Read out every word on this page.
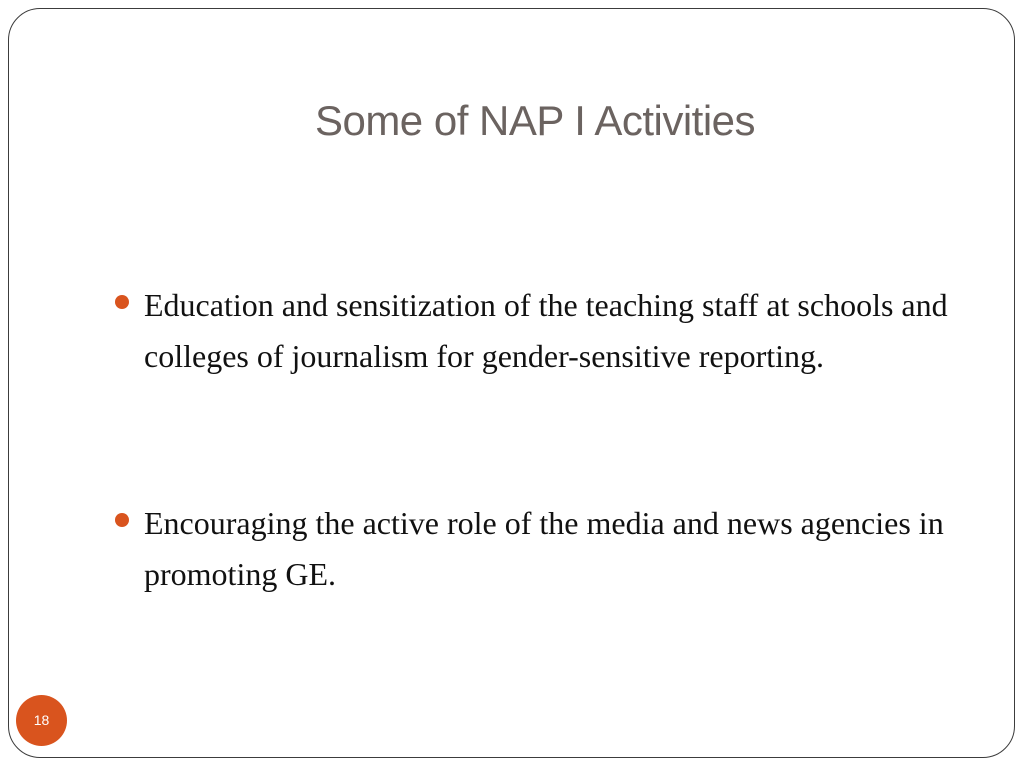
Some of NAP I Activities
Education and sensitization of the teaching staff at schools and colleges of journalism for gender-sensitive reporting.
Encouraging the active role of the media and news agencies in promoting GE.
18
